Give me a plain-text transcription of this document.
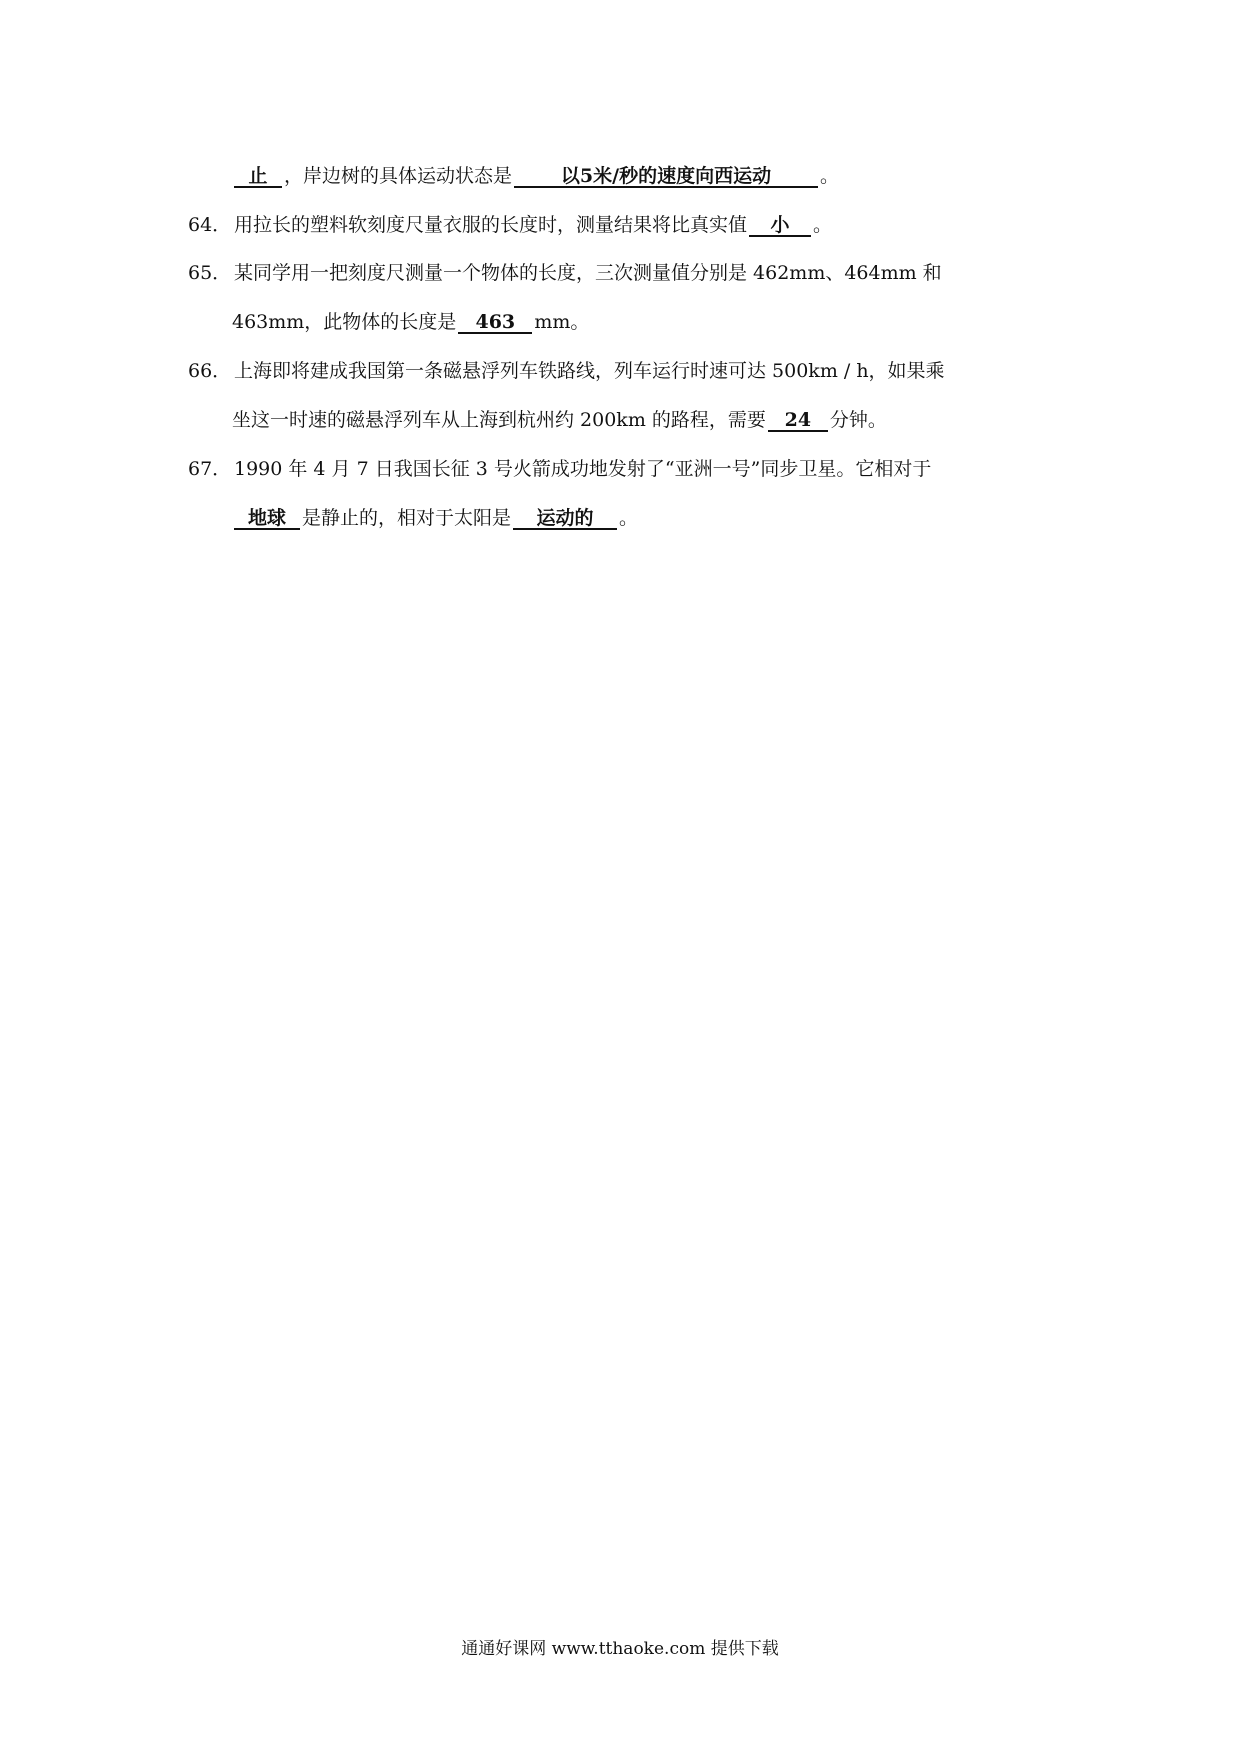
止 ，岸边树的具体运动状态是	以5米/秒的速度向西运动	。
64． 用拉长的塑料软刻度尺量衣服的长度时，测量结果将比真实值 小 。
65． 某同学用一把刻度尺测量一个物体的长度，三次测量值分别是 462mm、464mm 和
463mm，此物体的长度是 463 mm。
66． 上海即将建成我国第一条磁悬浮列车铁路线，列车运行时速可达 500km / h，如果乘
坐这一时速的磁悬浮列车从上海到杭州约 200km 的路程，需要 24 分钟。
67． 1990 年 4 月 7 日我国长征 3 号火箭成功地发射了“亚洲一号”同步卫星。它相对于
地球 是静止的，相对于太阳是 运动的 。
通通好课网 www.tthaoke.com 提供下载
